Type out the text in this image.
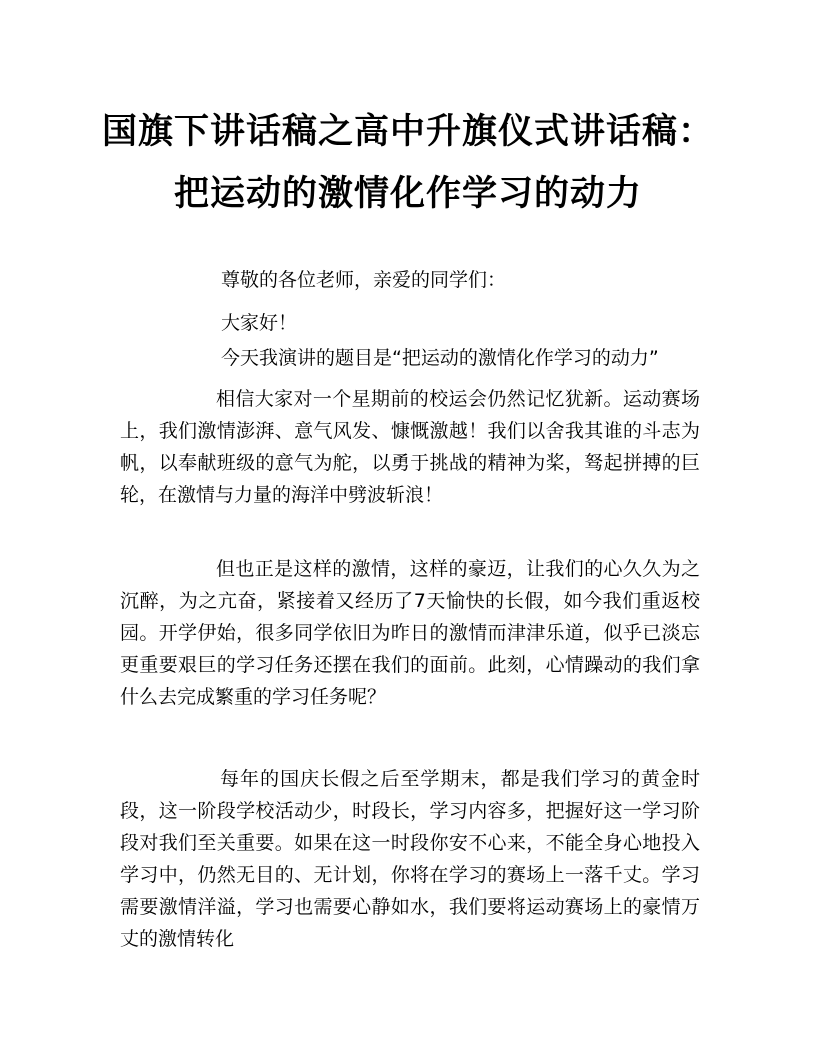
国旗下讲话稿之高中升旗仪式讲话稿：
把运动的激情化作学习的动力

尊敬的各位老师，亲爱的同学们：

大家好！

今天我演讲的题目是“把运动的激情化作学习的动力”

相信大家对一个星期前的校运会仍然记忆犹新。运动赛场上，我们激情澎湃、意气风发、慷慨激越！我们以舍我其谁的斗志为帆，以奉献班级的意气为舵，以勇于挑战的精神为桨，驽起拼搏的巨轮，在激情与力量的海洋中劈波斩浪！

但也正是这样的激情，这样的豪迈，让我们的心久久为之沉醉，为之亢奋，紧接着又经历了7天愉快的长假，如今我们重返校园。开学伊始，很多同学依旧为昨日的激情而津津乐道，似乎已淡忘更重要艰巨的学习任务还摆在我们的面前。此刻，心情躁动的我们拿什么去完成繁重的学习任务呢？

每年的国庆长假之后至学期末，都是我们学习的黄金时段，这一阶段学校活动少，时段长，学习内容多，把握好这一学习阶段对我们至关重要。如果在这一时段你安不心来，不能全身心地投入学习中，仍然无目的、无计划，你将在学习的赛场上一落千丈。学习需要激情洋溢，学习也需要心静如水，我们要将运动赛场上的豪情万丈的激情转化
